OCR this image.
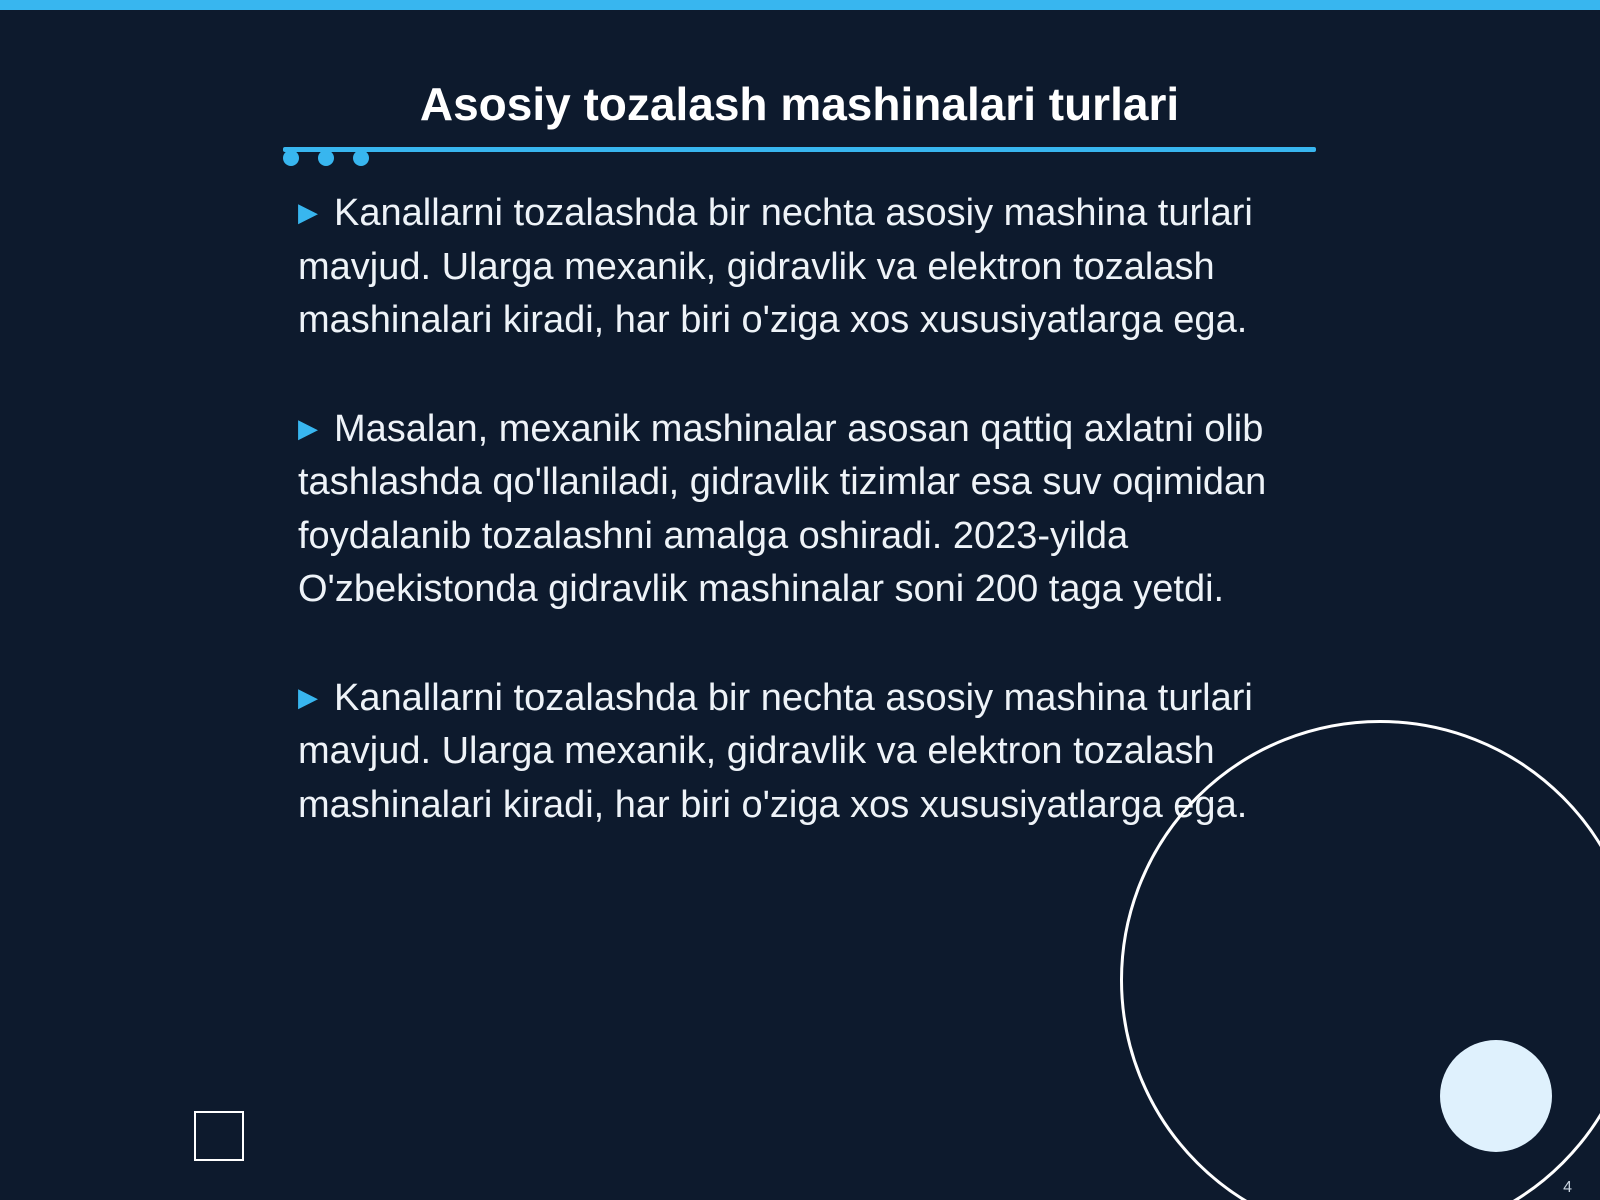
Asosiy tozalash mashinalari turlari

▶ Kanallarni tozalashda bir nechta asosiy mashina turlari mavjud. Ularga mexanik, gidravlik va elektron tozalash mashinalari kiradi, har biri o'ziga xos xususiyatlarga ega.

▶ Masalan, mexanik mashinalar asosan qattiq axlatni olib tashlashda qo'llaniladi, gidravlik tizimlar esa suv oqimidan foydalanib tozalashni amalga oshiradi. 2023-yilda O'zbekistonda gidravlik mashinalar soni 200 taga yetdi.

▶ Kanallarni tozalashda bir nechta asosiy mashina turlari mavjud. Ularga mexanik, gidravlik va elektron tozalash mashinalari kiradi, har biri o'ziga xos xususiyatlarga ega.

4
